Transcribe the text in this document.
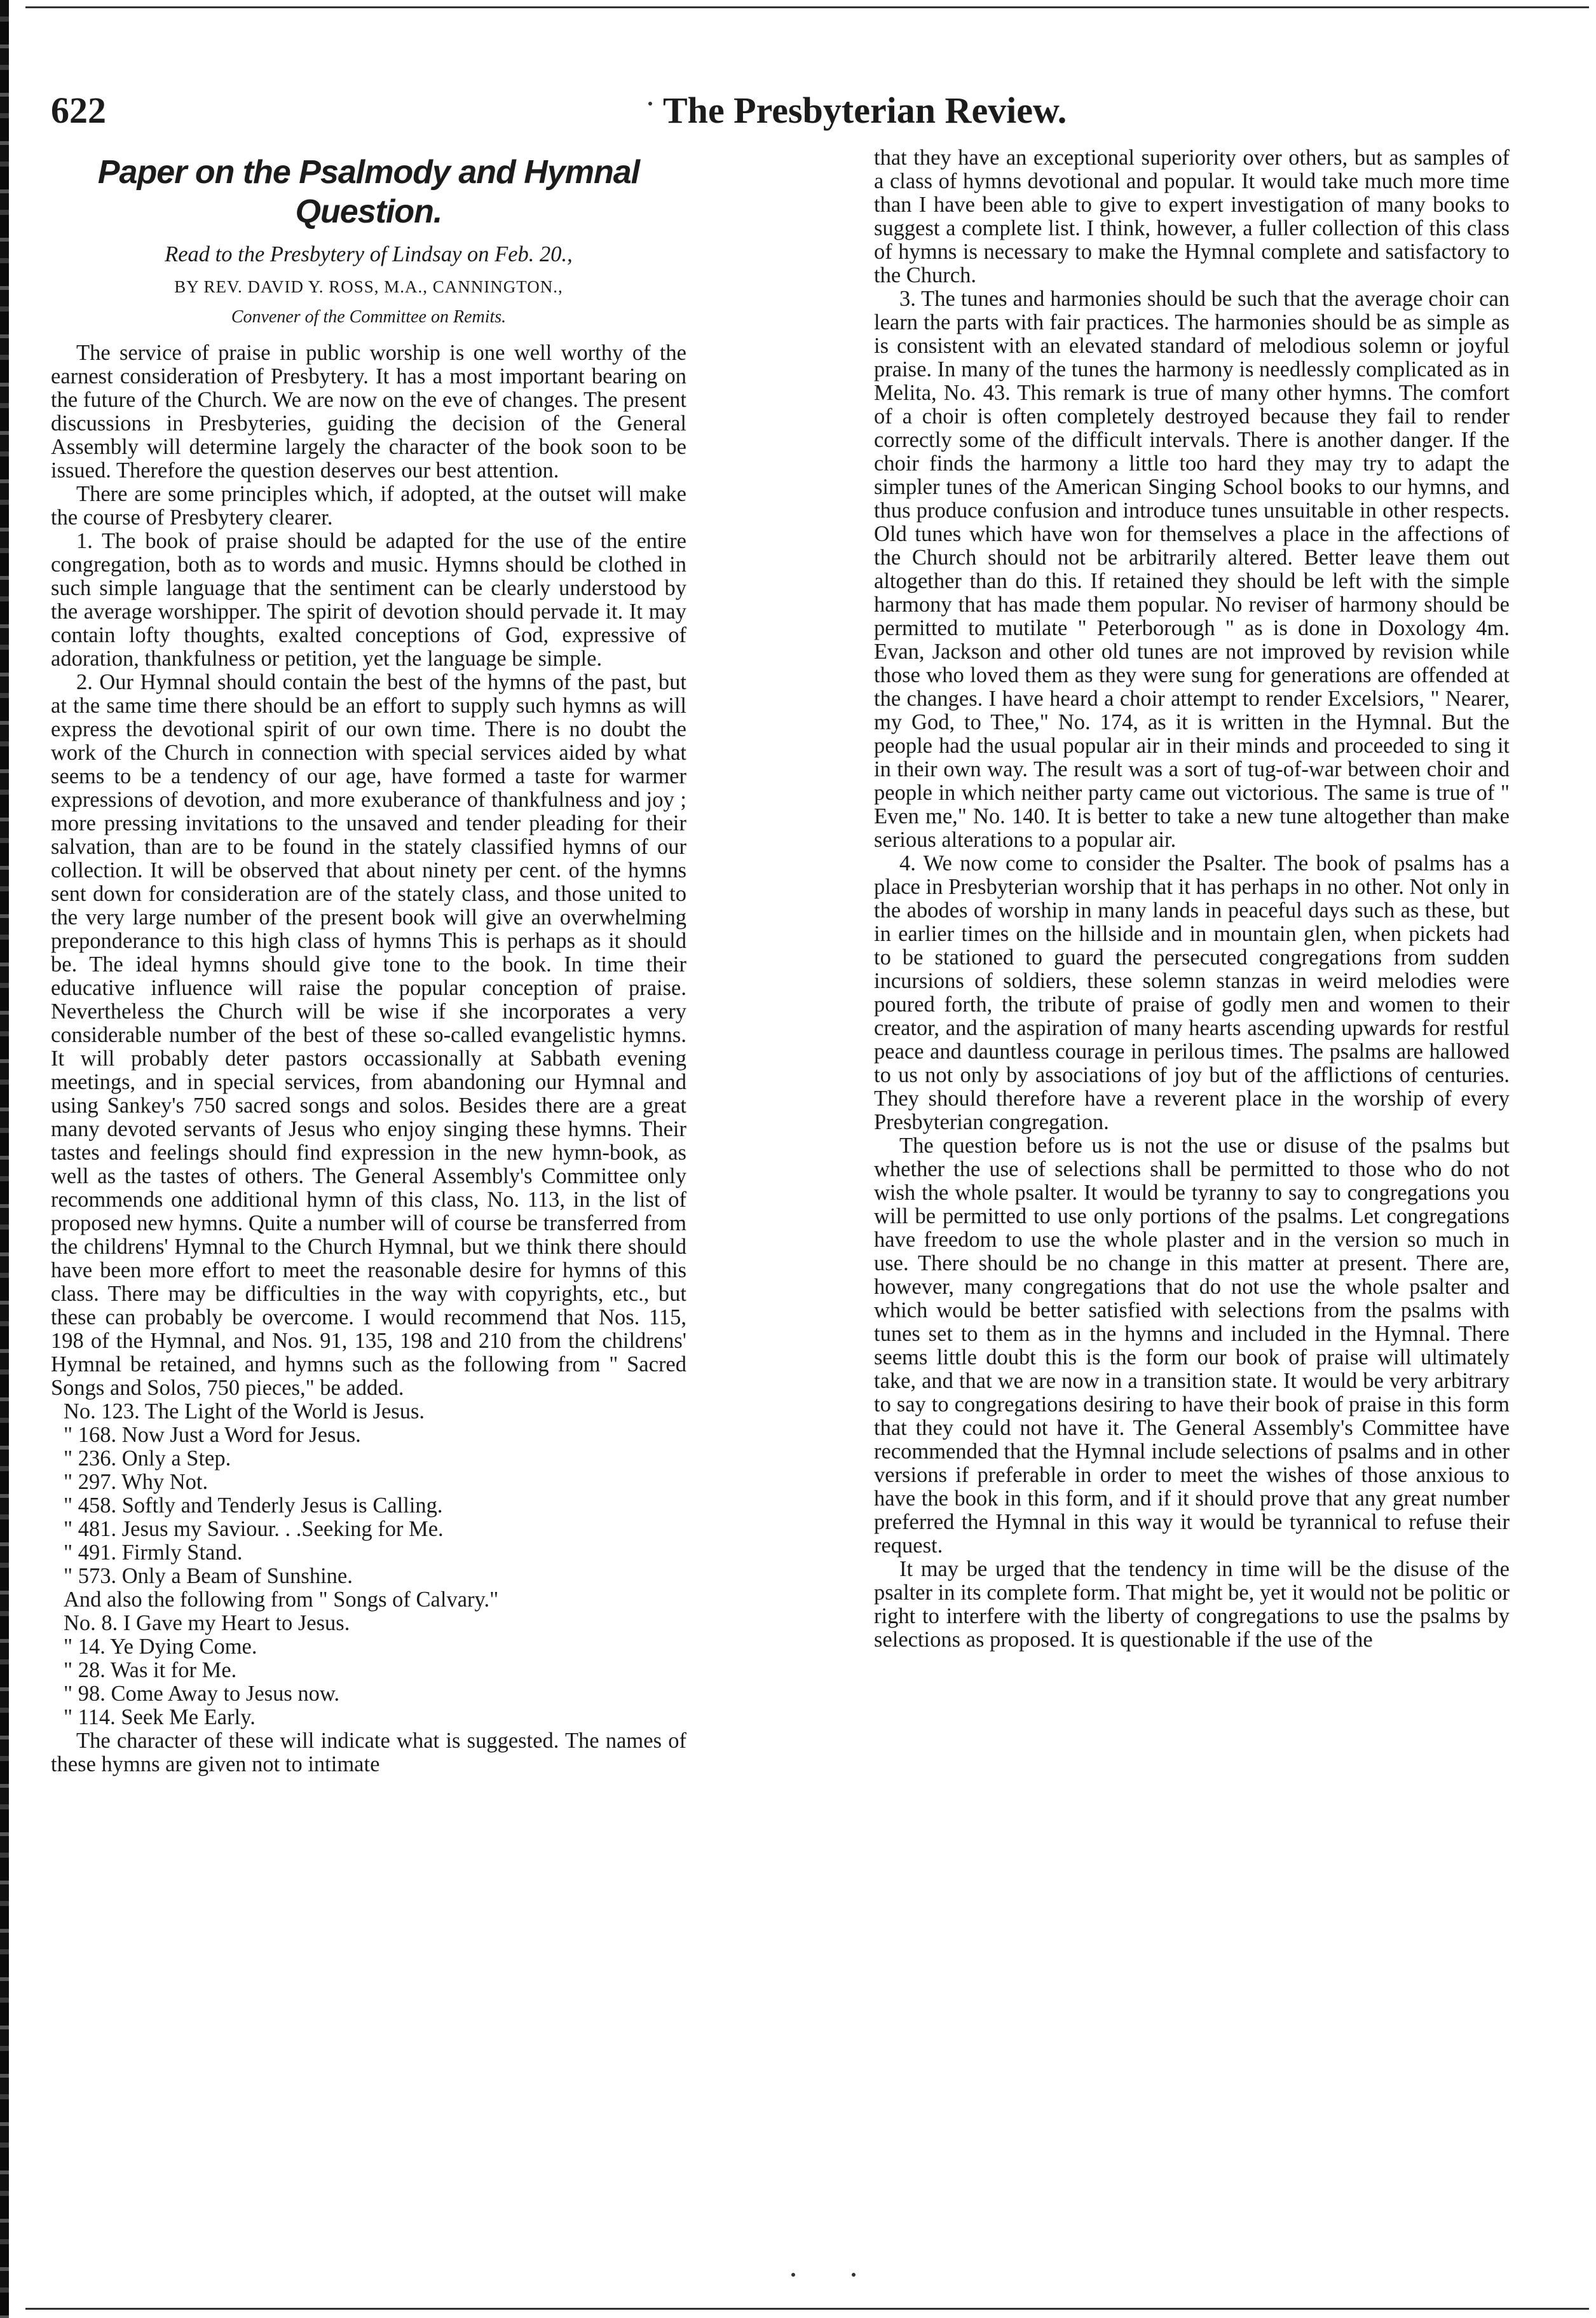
622	The Presbyterian Review.

Paper on the Psalmody and Hymnal Question.

Read to the Presbytery of Lindsay on Feb. 20.,

BY REV. DAVID Y. ROSS, M.A., CANNINGTON.,

Convener of the Committee on Remits.

The service of praise in public worship is one well worthy of the earnest consideration of Presbytery. It has a most important bearing on the future of the Church. We are now on the eve of changes. The present discussions in Presbyteries, guiding the decision of the General Assembly will determine largely the character of the book soon to be issued. Therefore the question deserves our best attention.

There are some principles which, if adopted, at the outset will make the course of Presbytery clearer.

1. The book of praise should be adapted for the use of the entire congregation, both as to words and music. Hymns should be clothed in such simple language that the sentiment can be clearly understood by the average worshipper. The spirit of devotion should pervade it. It may contain lofty thoughts, exalted conceptions of God, expressive of adoration, thankfulness or petition, yet the language be simple.

2. Our Hymnal should contain the best of the hymns of the past, but at the same time there should be an effort to supply such hymns as will express the devotional spirit of our own time. There is no doubt the work of the Church in connection with special services aided by what seems to be a tendency of our age, have formed a taste for warmer expressions of devotion, and more exuberance of thankfulness and joy ; more pressing invitations to the unsaved and tender pleading for their salvation, than are to be found in the stately classified hymns of our collection. It will be observed that about ninety per cent. of the hymns sent down for consideration are of the stately class, and those united to the very large number of the present book will give an overwhelming preponderance to this high class of hymns This is perhaps as it should be. The ideal hymns should give tone to the book. In time their educative influence will raise the popular conception of praise. Nevertheless the Church will be wise if she incorporates a very considerable number of the best of these so-called evangelistic hymns. It will probably deter pastors occassionally at Sabbath evening meetings, and in special services, from abandoning our Hymnal and using Sankey's 750 sacred songs and solos. Besides there are a great many devoted servants of Jesus who enjoy singing these hymns. Their tastes and feelings should find expression in the new hymn-book, as well as the tastes of others. The General Assembly's Committee only recommends one additional hymn of this class, No. 113, in the list of proposed new hymns. Quite a number will of course be transferred from the childrens' Hymnal to the Church Hymnal, but we think there should have been more effort to meet the reasonable desire for hymns of this class. There may be difficulties in the way with copyrights, etc., but these can probably be overcome. I would recommend that Nos. 115, 198 of the Hymnal, and Nos. 91, 135, 198 and 210 from the childrens' Hymnal be retained, and hymns such as the following from " Sacred Songs and Solos, 750 pieces," be added.

No. 123. The Light of the World is Jesus.
" 168. Now Just a Word for Jesus.
" 236. Only a Step.
" 297. Why Not.
" 458. Softly and Tenderly Jesus is Calling.
" 481. Jesus my Saviour. . .Seeking for Me.
" 491. Firmly Stand.
" 573. Only a Beam of Sunshine.

And also the following from " Songs of Calvary."

No. 8. I Gave my Heart to Jesus.
" 14. Ye Dying Come.
" 28. Was it for Me.
" 98. Come Away to Jesus now.
" 114. Seek Me Early.

The character of these will indicate what is suggested. The names of these hymns are given not to intimate

that they have an exceptional superiority over others, but as samples of a class of hymns devotional and popular. It would take much more time than I have been able to give to expert investigation of many books to suggest a complete list. I think, however, a fuller collection of this class of hymns is necessary to make the Hymnal complete and satisfactory to the Church.

3. The tunes and harmonies should be such that the average choir can learn the parts with fair practices. The harmonies should be as simple as is consistent with an elevated standard of melodious solemn or joyful praise. In many of the tunes the harmony is needlessly complicated as in Melita, No. 43. This remark is true of many other hymns. The comfort of a choir is often completely destroyed because they fail to render correctly some of the difficult intervals. There is another danger. If the choir finds the harmony a little too hard they may try to adapt the simpler tunes of the American Singing School books to our hymns, and thus produce confusion and introduce tunes unsuitable in other respects. Old tunes which have won for themselves a place in the affections of the Church should not be arbitrarily altered. Better leave them out altogether than do this. If retained they should be left with the simple harmony that has made them popular. No reviser of harmony should be permitted to mutilate " Peterborough " as is done in Doxology 4m. Evan, Jackson and other old tunes are not improved by revision while those who loved them as they were sung for generations are offended at the changes. I have heard a choir attempt to render Excelsiors, " Nearer, my God, to Thee," No. 174, as it is written in the Hymnal. But the people had the usual popular air in their minds and proceeded to sing it in their own way. The result was a sort of tug-of-war between choir and people in which neither party came out victorious. The same is true of " Even me," No. 140. It is better to take a new tune altogether than make serious alterations to a popular air.

4. We now come to consider the Psalter. The book of psalms has a place in Presbyterian worship that it has perhaps in no other. Not only in the abodes of worship in many lands in peaceful days such as these, but in earlier times on the hillside and in mountain glen, when pickets had to be stationed to guard the persecuted congregations from sudden incursions of soldiers, these solemn stanzas in weird melodies were poured forth, the tribute of praise of godly men and women to their creator, and the aspiration of many hearts ascending upwards for restful peace and dauntless courage in perilous times. The psalms are hallowed to us not only by associations of joy but of the afflictions of centuries. They should therefore have a reverent place in the worship of every Presbyterian congregation.

The question before us is not the use or disuse of the psalms but whether the use of selections shall be permitted to those who do not wish the whole psalter. It would be tyranny to say to congregations you will be permitted to use only portions of the psalms. Let congregations have freedom to use the whole plaster and in the version so much in use. There should be no change in this matter at present. There are, however, many congregations that do not use the whole psalter and which would be better satisfied with selections from the psalms with tunes set to them as in the hymns and included in the Hymnal. There seems little doubt this is the form our book of praise will ultimately take, and that we are now in a transition state. It would be very arbitrary to say to congregations desiring to have their book of praise in this form that they could not have it. The General Assembly's Committee have recommended that the Hymnal include selections of psalms and in other versions if preferable in order to meet the wishes of those anxious to have the book in this form, and if it should prove that any great number preferred the Hymnal in this way it would be tyrannical to refuse their request.

It may be urged that the tendency in time will be the disuse of the psalter in its complete form. That might be, yet it would not be politic or right to interfere with the liberty of congregations to use the psalms by selections as proposed. It is questionable if the use of the
